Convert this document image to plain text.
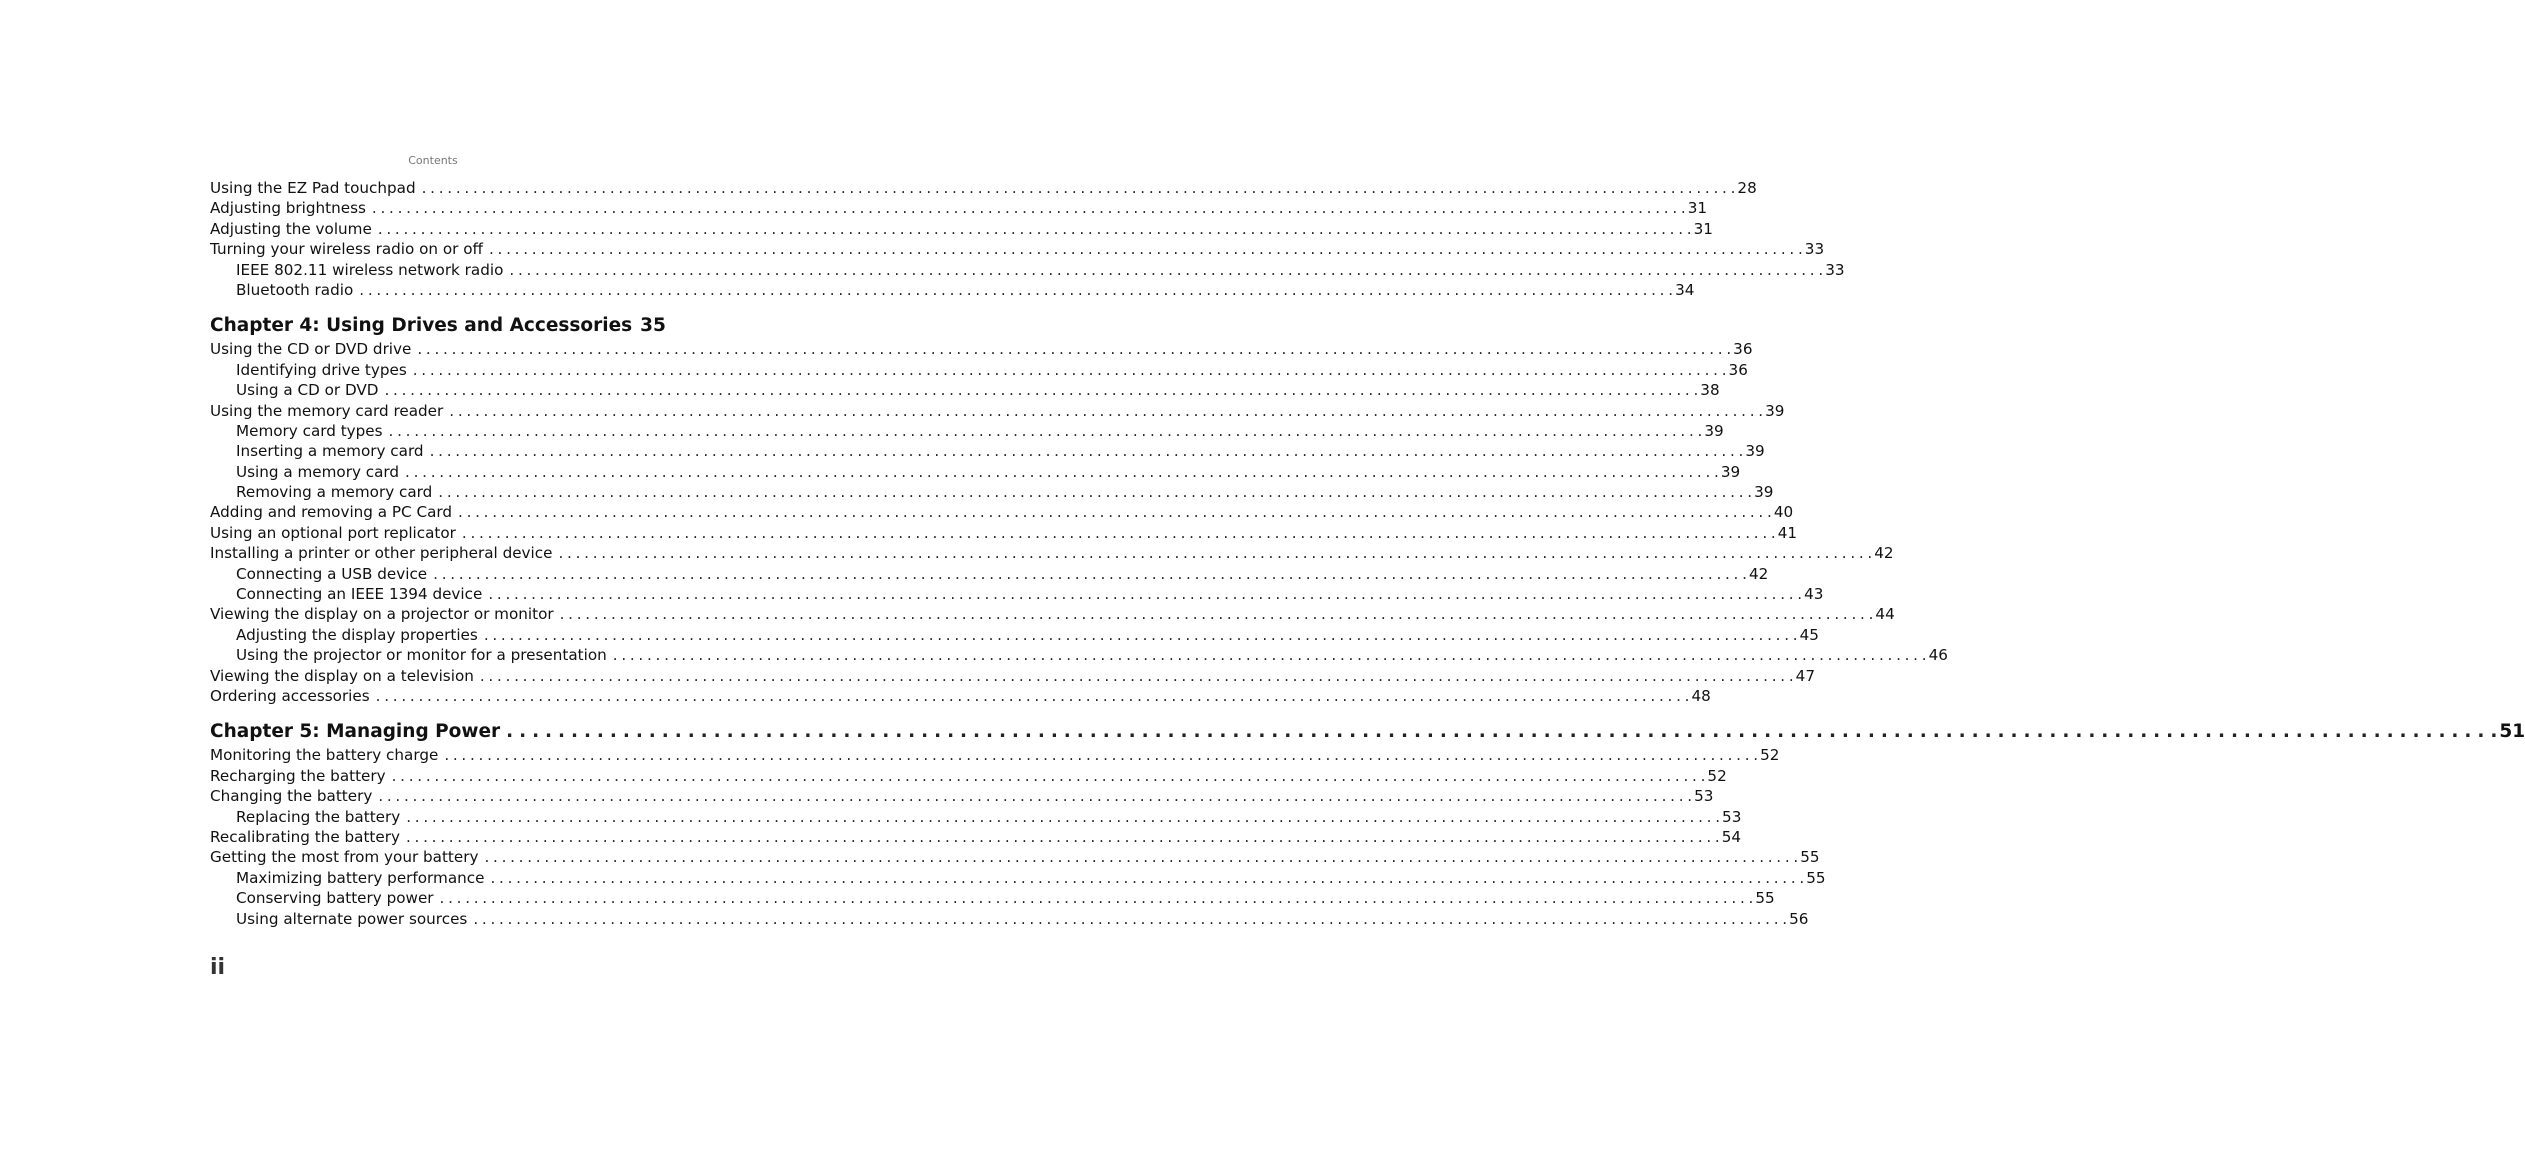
Contents
Using the EZ Pad touchpad . . .	28
Adjusting brightness . . .	31
Adjusting the volume . . .	31
Turning your wireless radio on or off . . .	33
IEEE 802.11 wireless network radio . . .	33
Bluetooth radio . . .	34
Chapter 4: Using Drives and Accessories 35
Using the CD or DVD drive . . .	36
Identifying drive types . . .	36
Using a CD or DVD . . .	38
Using the memory card reader . . .	39
Memory card types . . .	39
Inserting a memory card . . .	39
Using a memory card . . .	39
Removing a memory card . . .	39
Adding and removing a PC Card . . .	40
Using an optional port replicator . . .	41
Installing a printer or other peripheral device . . .	42
Connecting a USB device . . .	42
Connecting an IEEE 1394 device . . .	43
Viewing the display on a projector or monitor . . .	44
Adjusting the display properties . . .	45
Using the projector or monitor for a presentation . . .	46
Viewing the display on a television . . .	47
Ordering accessories . . .	48
Chapter 5: Managing Power . . .	51
Monitoring the battery charge . . .	52
Recharging the battery . . .	52
Changing the battery . . .	53
Replacing the battery . . .	53
Recalibrating the battery . . .	54
Getting the most from your battery . . .	55
Maximizing battery performance . . .	55
Conserving battery power . . .	55
Using alternate power sources . . .	56
ii
